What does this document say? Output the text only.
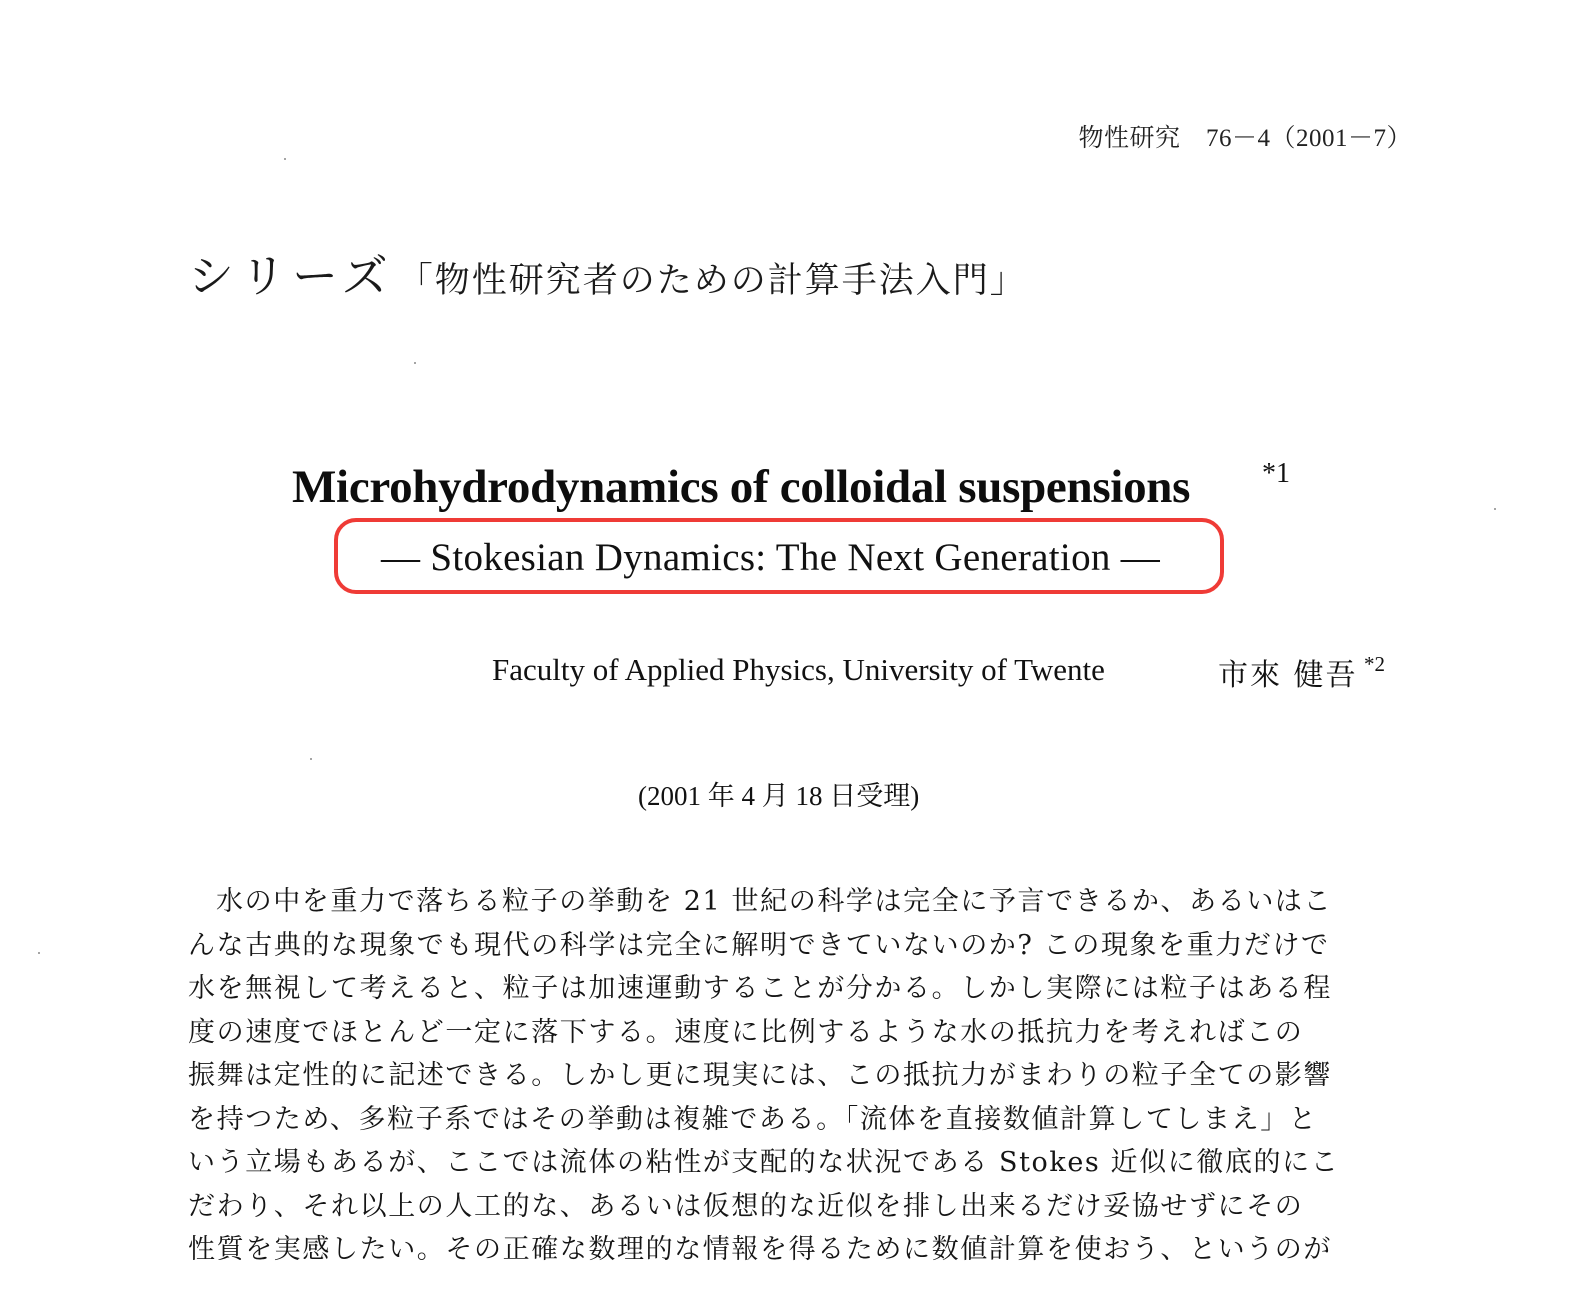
物性研究　76－4（2001－7）
シリーズ 「物性研究者のための計算手法入門」
Microhydrodynamics of colloidal suspensions	*1
— Stokesian Dynamics: The Next Generation —
Faculty of Applied Physics, University of Twente	市來 健吾 *2
(2001 年 4 月 18 日受理)
水の中を重力で落ちる粒子の挙動を 21 世紀の科学は完全に予言できるか、あるいはこ
んな古典的な現象でも現代の科学は完全に解明できていないのか? この現象を重力だけで
水を無視して考えると、粒子は加速運動することが分かる。しかし実際には粒子はある程
度の速度でほとんど一定に落下する。速度に比例するような水の抵抗力を考えればこの
振舞は定性的に記述できる。しかし更に現実には、この抵抗力がまわりの粒子全ての影響
を持つため、多粒子系ではその挙動は複雑である。「流体を直接数値計算してしまえ」と
いう立場もあるが、ここでは流体の粘性が支配的な状況である Stokes 近似に徹底的にこ
だわり、それ以上の人工的な、あるいは仮想的な近似を排し出来るだけ妥協せずにその
性質を実感したい。その正確な数理的な情報を得るために数値計算を使おう、というのが
